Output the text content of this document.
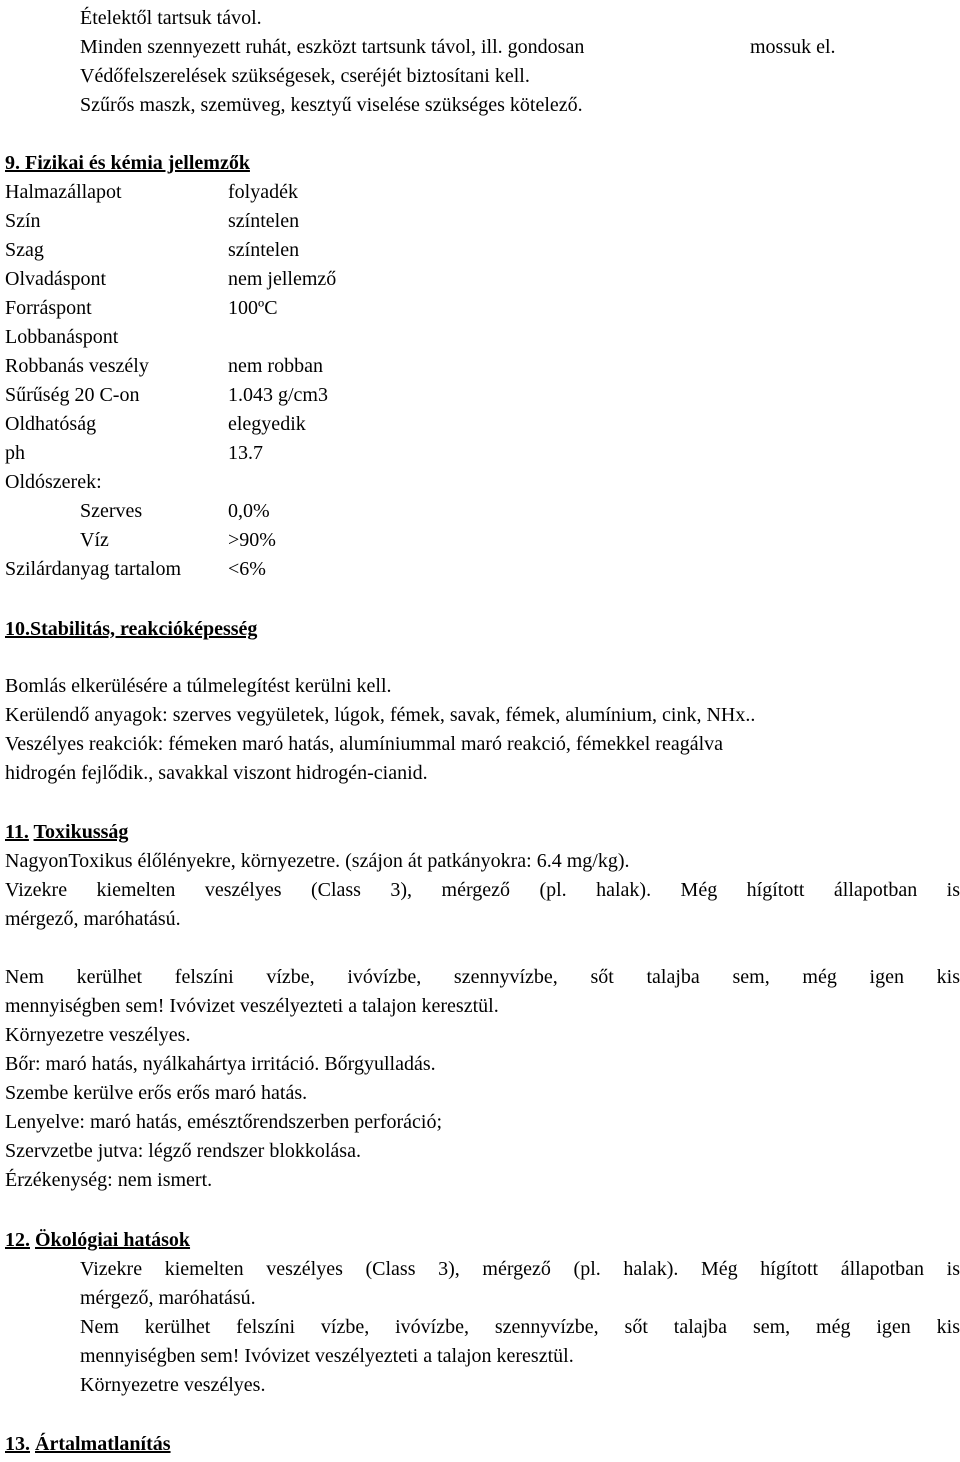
Ételektől tartsuk távol.
Minden szennyezett ruhát, eszközt tartsunk távol, ill. gondosan	mossuk el.
Védőfelszerelések szükségesek, cseréjét biztosítani kell.
Szűrős maszk, szemüveg, kesztyű viselése szükséges kötelező.
9. Fizikai és kémia jellemzők
Halmazállapot	folyadék
Szín	színtelen
Szag	színtelen
Olvadáspont	nem jellemző
Forráspont	100ºC
Lobbanáspont
Robbanás veszély	nem robban
Sűrűség 20 C-on	1.043 g/cm3
Oldhatóság	elegyedik
ph	13.7
Oldószerek:
Szerves	0,0%
Víz	>90%
Szilárdanyag tartalom <6%
10.Stabilitás, reakcióképesség
Bomlás elkerülésére a túlmelegítést kerülni kell.
Kerülendő anyagok: szerves vegyületek, lúgok, fémek, savak, fémek, alumínium, cink, NHx..
Veszélyes reakciók: fémeken maró hatás, alumíniummal maró reakció, fémekkel reagálva
hidrogén fejlődik., savakkal viszont hidrogén-cianid.
11. Toxikusság
NagyonToxikus élőlényekre, környezetre. (szájon át patkányokra: 6.4 mg/kg).
Vizekre kiemelten veszélyes (Class 3), mérgező (pl. halak). Még hígított állapotban is
mérgező, maróhatású.
Nem kerülhet felszíni vízbe, ivóvízbe, szennyvízbe, sőt talajba sem, még igen kis
mennyiségben sem! Ivóvizet veszélyezteti a talajon keresztül.
Környezetre veszélyes.
Bőr: maró hatás, nyálkahártya irritáció. Bőrgyulladás.
Szembe kerülve erős erős maró hatás.
Lenyelve: maró hatás, emésztőrendszerben perforáció;
Szervzetbe jutva: légző rendszer blokkolása.
Érzékenység: nem ismert.
12. Ökológiai hatások
Vizekre kiemelten veszélyes (Class 3), mérgező (pl. halak). Még hígított állapotban is
mérgező, maróhatású.
Nem kerülhet felszíni vízbe, ivóvízbe, szennyvízbe, sőt talajba sem, még igen kis
mennyiségben sem! Ivóvizet veszélyezteti a talajon keresztül.
Környezetre veszélyes.
13. Ártalmatlanítás
